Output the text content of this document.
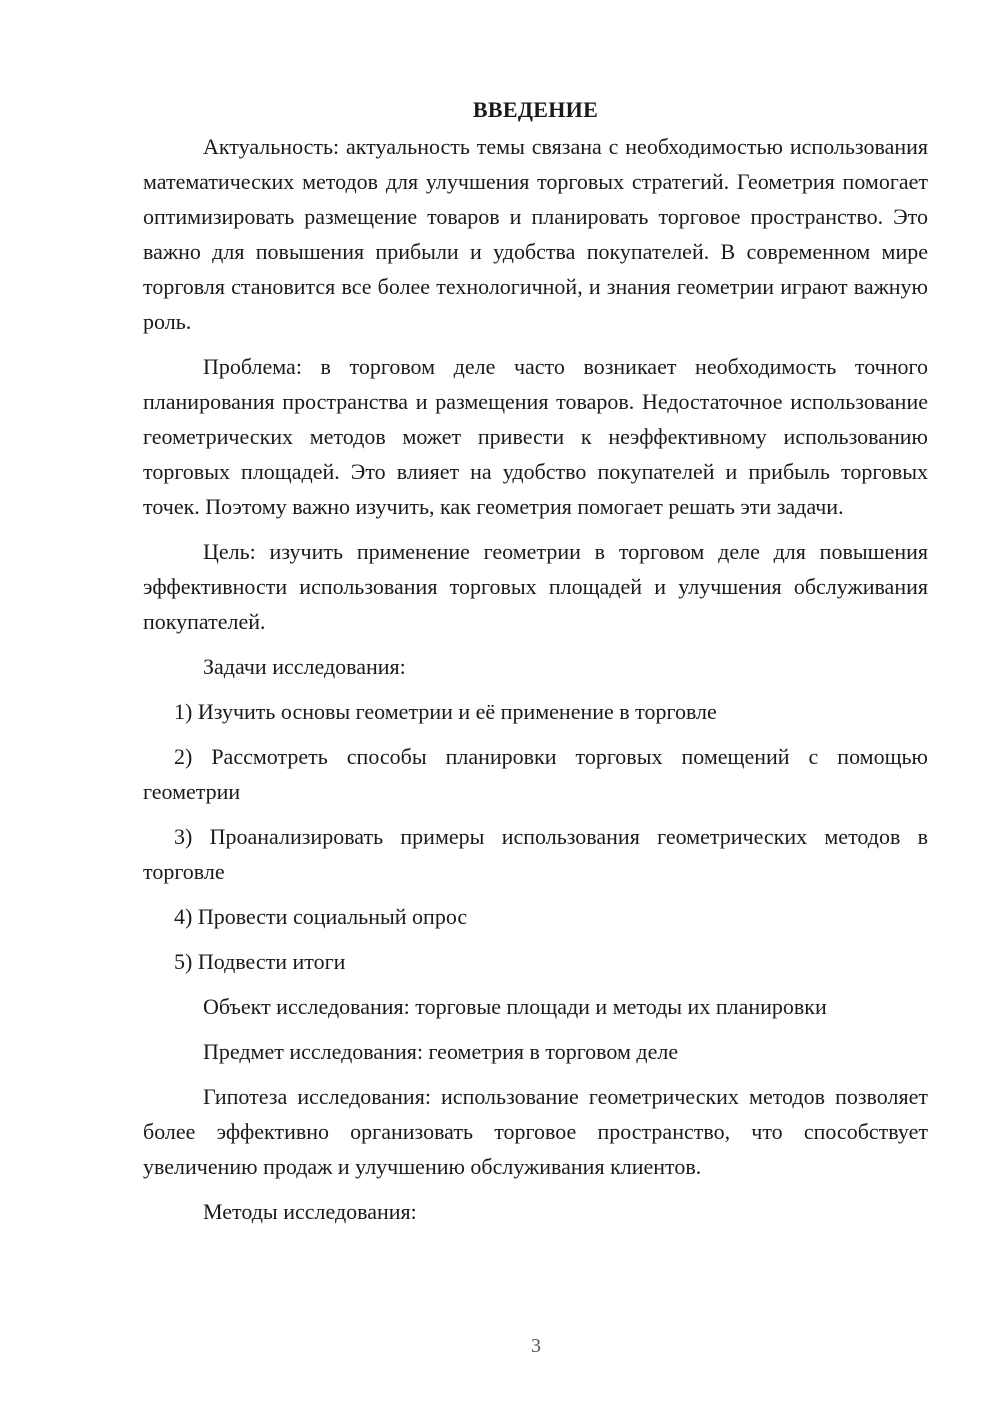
ВВЕДЕНИЕ

Актуальность: актуальность темы связана с необходимостью использования математических методов для улучшения торговых стратегий. Геометрия помогает оптимизировать размещение товаров и планировать торговое пространство. Это важно для повышения прибыли и удобства покупателей. В современном мире торговля становится все более технологичной, и знания геометрии играют важную роль.

Проблема: в торговом деле часто возникает необходимость точного планирования пространства и размещения товаров. Недостаточное использование геометрических методов может привести к неэффективному использованию торговых площадей. Это влияет на удобство покупателей и прибыль торговых точек. Поэтому важно изучить, как геометрия помогает решать эти задачи.

Цель: изучить применение геометрии в торговом деле для повышения эффективности использования торговых площадей и улучшения обслуживания покупателей.

Задачи исследования:

1) Изучить основы геометрии и её применение в торговле

2) Рассмотреть способы планировки торговых помещений с помощью геометрии

3) Проанализировать примеры использования геометрических методов в торговле

4) Провести социальный опрос

5) Подвести итоги

Объект исследования: торговые площади и методы их планировки

Предмет исследования: геометрия в торговом деле

Гипотеза исследования: использование геометрических методов позволяет более эффективно организовать торговое пространство, что способствует увеличению продаж и улучшению обслуживания клиентов.

Методы исследования:

3
